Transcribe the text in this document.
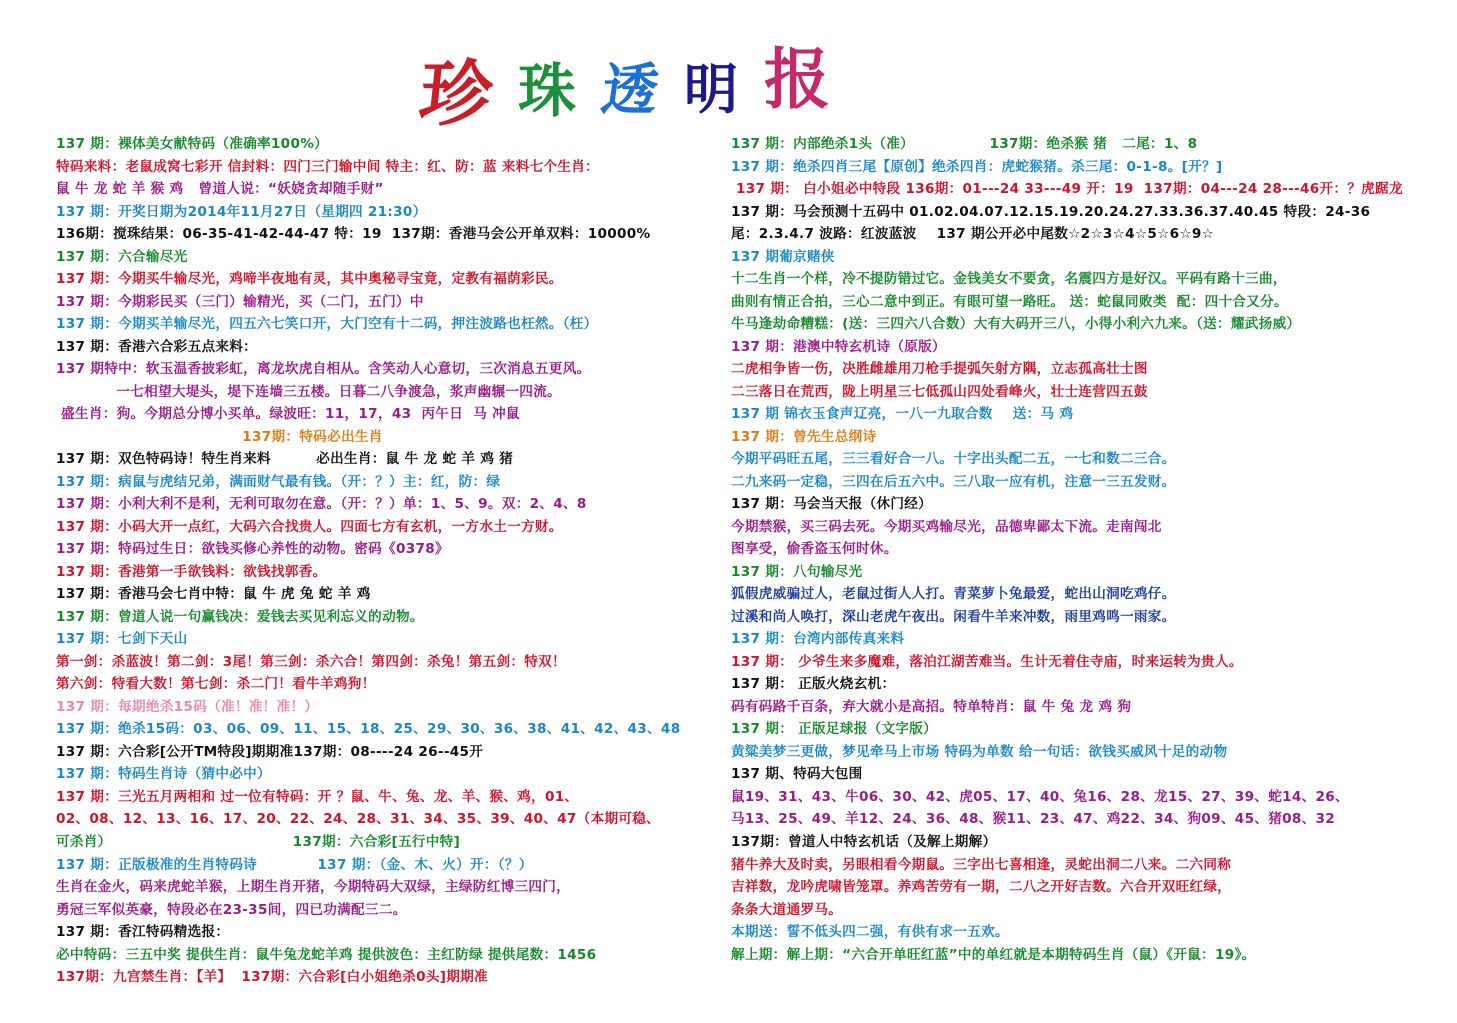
珍 珠 透 明 报
137 期：裸体美女献特码（准确率100%）
特码来料：老鼠成窝七彩开 信封料：四门三门输中间 特主：红、防：蓝 来料七个生肖：
鼠 牛 龙 蛇 羊 猴 鸡   曾道人说：“妖娆贪却随手财”
137 期：开奖日期为2014年11月27日（星期四 21:30）
136期：搅珠结果：06-35-41-42-44-47 特：19  137期：香港马会公开单双料：10000%
137 期：六合输尽光
137 期：今期买牛输尽光，鸡啼半夜地有灵，其中奥秘寻宝竟，定教有福荫彩民。
137 期：今期彩民买（三门）输精光，买（二门，五门）中
137 期：今期买羊输尽光，四五六七笑口开，大门空有十二码，押注波路也枉然。（枉）
137 期：香港六合彩五点来料：
137 期特中：软玉温香披彩虹，离龙坎虎自相从。含笑动人心意切，三次消息五更风。
一七相望大堤头，堤下连墙三五楼。日暮二八争渡急，浆声幽辗一四流。
盛生肖：狗。今期总分博小买单。绿波旺：11，17，43  丙午日  马 冲鼠
137期：特码必出生肖
137 期：双色特码诗！特生肖来料         必出生肖：鼠 牛 龙 蛇 羊 鸡 猪
137 期：病鼠与虎结兄弟，满面财气最有钱。（开：？）主：红，防：绿
137 期：小利大利不是利，无利可取勿在意。（开：？）单：1、5、9。双：2、4、8
137 期：小码大开一点红，大码六合找贵人。四面七方有玄机，一方水土一方财。
137 期：特码过生日：欲钱买修心养性的动物。密码《0378》
137 期：香港第一手欲钱料：欲钱找郭香。
137 期：香港马会七肖中特：鼠 牛 虎 兔 蛇 羊 鸡
137 期：曾道人说一句赢钱决：爱钱去买见利忘义的动物。
137 期：七剑下天山
第一剑：杀蓝波！第二剑：3尾！第三剑：杀六合！第四剑：杀兔！第五剑：特双！
第六剑：特看大数！第七剑：杀二门！看牛羊鸡狗！
137 期：每期绝杀15码（准！准！准！）
137 期：绝杀15码：03、06、09、11、15、18、25、29、30、36、38、41、42、43、48
137 期：六合彩[公开TM特段]期期准137期：08----24 26--45开
137 期：特码生肖诗（猜中必中）
137 期：三光五月两相和 过一位有特码：开 ？鼠、牛、兔、龙、羊、猴、鸡，01、
02、08、12、13、16、17、20、22、24、28、31、34、35、39、40、47（本期可稳、
可杀肖）                                    137期：六合彩[五行中特]
137 期：正版极准的生肖特码诗            137 期：（金、木、火）开：（？）
生肖在金火，码来虎蛇羊猴，上期生肖开猪，今期特码大双绿，主绿防红博三四门，
勇冠三军似英豪，特段必在23-35间，四已功满配三二。
137 期：香江特码精选报：
必中特码：三五中奖 提供生肖：鼠牛兔龙蛇羊鸡 提供波色：主红防绿 提供尾数：1456
137期：九宫禁生肖：【羊】  137期：六合彩[白小姐绝杀0头]期期准
137 期：内部绝杀1头（准）               137期：绝杀猴 猪   二尾：1、8
137 期：绝杀四肖三尾【原创】绝杀四肖：虎蛇猴猪。杀三尾：0-1-8。[开？]
137 期： 白小姐必中特段 136期：01---24 33---49 开：19  137期：04---24 28---46开：？虎踞龙
137 期：马会预测十五码中 01.02.04.07.12.15.19.20.24.27.33.36.37.40.45 特段：24-36
尾：2.3.4.7 波路：红波蓝波    137 期公开必中尾数☆2☆3☆4☆5☆6☆9☆
137 期葡京赌侠
十二生肖一个样，冷不提防错过它。金钱美女不要贪，名震四方是好汉。平码有路十三曲，
曲则有情正合拍，三心二意中到正。有眼可望一路旺。 送：蛇鼠同败类  配：四十合又分。
牛马逢劫命糟糕：(送：三四六八合数）大有大码开三八，小得小利六九来。（送：耀武扬威）
137 期：港澳中特玄机诗（原版）
二虎相争皆一伤，决胜雌雄用刀枪手提弧矢射方隅，立志孤高壮士图
二三落日在荒西，陇上明星三七低孤山四处看峰火，壮士连营四五鼓
137 期 锦衣玉食声辽亮，一八一九取合数    送：马 鸡
137 期：曾先生总纲诗
今期平码旺五尾，三三看好合一八。十字出头配二五，一七和数二三合。
二九来码一定稳，三四在后五六中。三八取一应有机，注意一三五发财。
137 期：马会当天报（休门经）
今期禁猴，买三码去死。今期买鸡输尽光，品德卑鄙太下流。走南闯北
图享受，偷香盗玉何时休。
137 期：八句输尽光
狐假虎威骗过人，老鼠过街人人打。青菜萝卜兔最爱，蛇出山洞吃鸡仔。
过溪和尚人唤打，深山老虎午夜出。闲看牛羊来冲数，雨里鸡鸣一雨家。
137 期：台湾内部传真来料
137 期： 少爷生来多魔难，落泊江湖苦难当。生计无着住寺庙，时来运转为贵人。
137 期： 正版火烧玄机：
码有码路千百条，弃大就小是高招。特单特肖：鼠 牛 兔 龙 鸡 狗
137 期： 正版足球报（文字版）
黄粱美梦三更做，梦见牵马上市场 特码为单数 给一句话：欲钱买威风十足的动物
137 期、特码大包围
鼠19、31、43、牛06、30、42、虎05、17、40、兔16、28、龙15、27、39、蛇14、26、
马13、25、49、羊12、24、36、48、猴11、23、47、鸡22、34、狗09、45、猪08、32
137期：曾道人中特玄机话（及解上期解）
猪牛养大及时卖，另眼相看今期鼠。三字出七喜相逢，灵蛇出洞二八来。二六同称
吉祥数，龙吟虎啸皆笼罩。养鸡苦劳有一期，二八之开好吉数。六合开双旺红绿，
条条大道通罗马。
本期送：誓不低头四二强，有供有求一五欢。
解上期：解上期：“六合开单旺红蓝”中的单红就是本期特码生肖（鼠）《开鼠：19》。
